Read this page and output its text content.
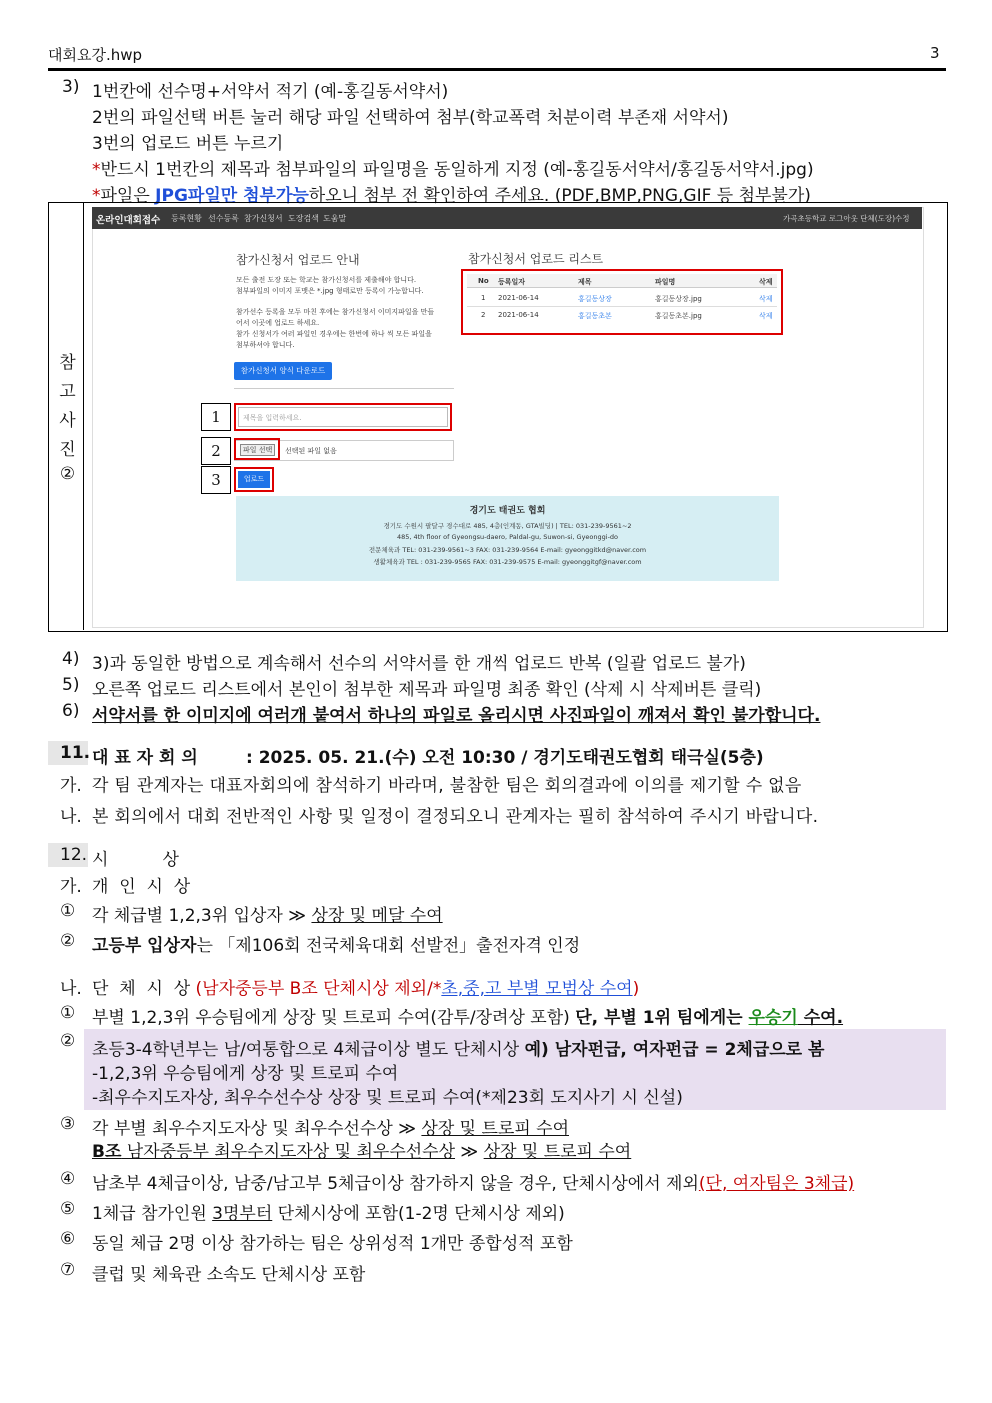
대회요강.hwp	3
3) 1번칸에 선수명+서약서 적기 (예-홍길동서약서)
2번의 파일선택 버튼 눌러 해당 파일 선택하여 첨부(학교폭력 처분이력 부존재 서약서)
3번의 업로드 버튼 누르기
*반드시 1번칸의 제목과 첨부파일의 파일명을 동일하게 지정 (예-홍길동서약서/홍길동서약서.jpg)
*파일은 JPG파일만 첨부가능하오니 첨부 전 확인하여 주세요. (PDF,BMP,PNG,GIF 등 첨부불가)
참
고
사
진
②
온라인대회접수 등록현황 선수등록 참가신청서 도장검색 도움말	가곡초등학교 로그아웃 단체(도장)수정
참가신청서 업로드 안내
모든 출전 도장 또는 학교는 참가신청서를 제출해야 합니다.
첨부파일의 이미지 포맷은 *.jpg 형태로만 등록이 가능합니다.
참가선수 등록을 모두 마친 후에는 참가신청서 이미지파일을 만들
어서 이곳에 업로드 하세요.
참가 신청서가 여러 파일인 경우에는 한번에 하나 씩 모든 파일을
첨부하셔야 합니다.
참가신청서 양식 다운로드
제목을 입력하세요.
파일 선택	선택된 파일 없음
업로드
1
2
3
참가신청서 업로드 리스트
No 등록일자	제목	파일명	삭제
1 2021-06-14	홍길동상장	홍길동상장.jpg	삭제
2 2021-06-14	홍길동초본	홍길동초본.jpg	삭제
경기도 태권도 협회
경기도 수원시 팔달구 경수대로 485, 4층(인계동, GTA빌딩) | TEL: 031-239-9561~2
485, 4th floor of Gyeongsu-daero, Paldal-gu, Suwon-si, Gyeonggi-do
전문체육과 TEL: 031-239-9561~3 FAX: 031-239-9564 E-mail: gyeonggitkd@naver.com
생활체육과 TEL : 031-239-9565 FAX: 031-239-9575 E-mail: gyeonggitgf@naver.com
4) 3)과 동일한 방법으로 계속해서 선수의 서약서를 한 개씩 업로드 반복 (일괄 업로드 불가)
5) 오른쪽 업로드 리스트에서 본인이 첨부한 제목과 파일명 최종 확인 (삭제 시 삭제버튼 클릭)
6) 서약서를 한 이미지에 여러개 붙여서 하나의 파일로 올리시면 사진파일이 깨져서 확인 불가합니다.
11. 대 표 자 회 의	: 2025. 05. 21.(수) 오전 10:30 / 경기도태권도협회 태극실(5층)
가. 각 팀 관계자는 대표자회의에 참석하기 바라며, 불참한 팀은 회의결과에 이의를 제기할 수 없음
나. 본 회의에서 대회 전반적인 사항 및 일정이 결정되오니 관계자는 필히 참석하여 주시기 바랍니다.
12. 시          상
가. 개  인  시  상
① 각 체급별 1,2,3위 입상자 ≫ 상장 및 메달 수여
② 고등부 입상자는 「제106회 전국체육대회 선발전」출전자격 인정
나. 단  체  시  상 (남자중등부 B조 단체시상 제외/*초,중,고 부별 모범상 수여)
① 부별 1,2,3위 우승팀에게 상장 및 트로피 수여(감투/장려상 포함) 단, 부별 1위 팀에게는 우승기 수여.
② 초등3-4학년부는 남/여통합으로 4체급이상 별도 단체시상 예) 남자펀급, 여자펀급 = 2체급으로 봄
-1,2,3위 우승팀에게 상장 및 트로피 수여
-최우수지도자상, 최우수선수상 상장 및 트로피 수여(*제23회 도지사기 시 신설)
③ 각 부별 최우수지도자상 및 최우수선수상 ≫ 상장 및 트로피 수여
B조 남자중등부 최우수지도자상 및 최우수선수상 ≫ 상장 및 트로피 수여
④ 남초부 4체급이상, 남중/남고부 5체급이상 참가하지 않을 경우, 단체시상에서 제외(단, 여자팀은 3체급)
⑤ 1체급 참가인원 3명부터 단체시상에 포함(1-2명 단체시상 제외)
⑥ 동일 체급 2명 이상 참가하는 팀은 상위성적 1개만 종합성적 포함
⑦ 클럽 및 체육관 소속도 단체시상 포함
